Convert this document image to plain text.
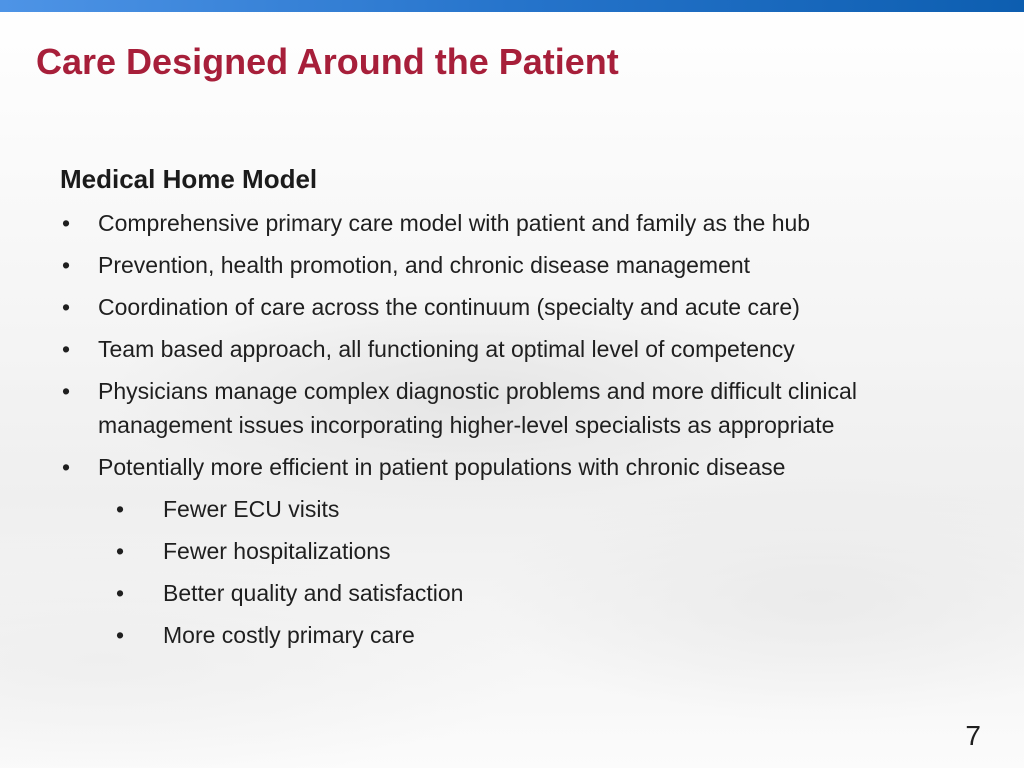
Care Designed Around the Patient
Medical Home Model
• Comprehensive primary care model with patient and family as the hub
• Prevention, health promotion, and chronic disease management
• Coordination of care across the continuum (specialty and acute care)
• Team based approach, all functioning at optimal level of competency
• Physicians manage complex diagnostic problems and more difficult clinical management issues incorporating higher-level specialists as appropriate
• Potentially more efficient in patient populations with chronic disease
• Fewer ECU visits
• Fewer hospitalizations
• Better quality and satisfaction
• More costly primary care
7
